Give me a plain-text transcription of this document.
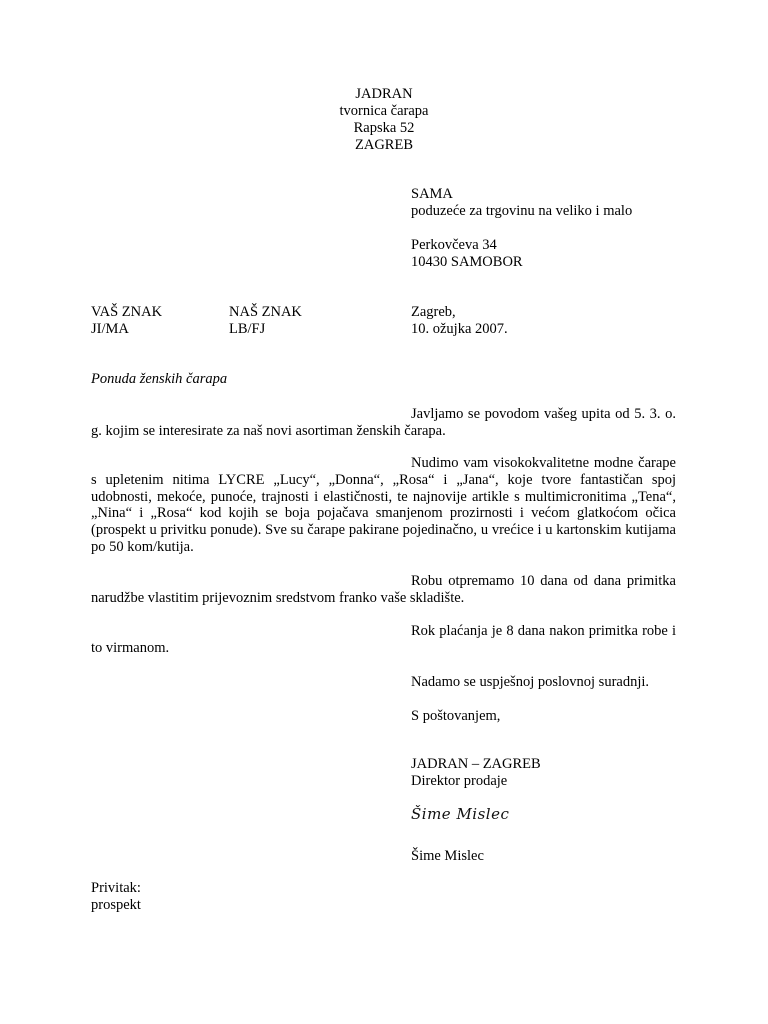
JADRAN
tvornica čarapa
Rapska 52
ZAGREB
SAMA
poduzeće za trgovinu na veliko i malo
Perkovčeva 34
10430 SAMOBOR
VAŠ ZNAK
JI/MA
NAŠ ZNAK
LB/FJ
Zagreb,
10. ožujka 2007.
Ponuda ženskih čarapa
Javljamo se povodom vašeg upita od 5. 3. o. g. kojim se interesirate za naš novi asortiman ženskih čarapa.
Nudimo vam visokokvalitetne modne čarape s upletenim nitima LYCRE „Lucy“, „Donna“, „Rosa“ i „Jana“, koje tvore fantastičan spoj udobnosti, mekoće, punoće, trajnosti i elastičnosti, te najnovije artikle s multimicronitima „Tena“, „Nina“ i „Rosa“ kod kojih se boja pojačava smanjenom prozirnosti i većom glatkoćom očica (prospekt u privitku ponude). Sve su čarape pakirane pojedinačno, u vrećice i u kartonskim kutijama po 50 kom/kutija.
Robu otpremamo 10 dana od dana primitka narudžbe vlastitim prijevoznim sredstvom franko vaše skladište.
Rok plaćanja je 8 dana nakon primitka robe i to virmanom.
Nadamo se uspješnoj poslovnoj suradnji.
S poštovanjem,
JADRAN – ZAGREB
Direktor prodaje
Šime Mislec
Šime Mislec
Privitak:
prospekt
